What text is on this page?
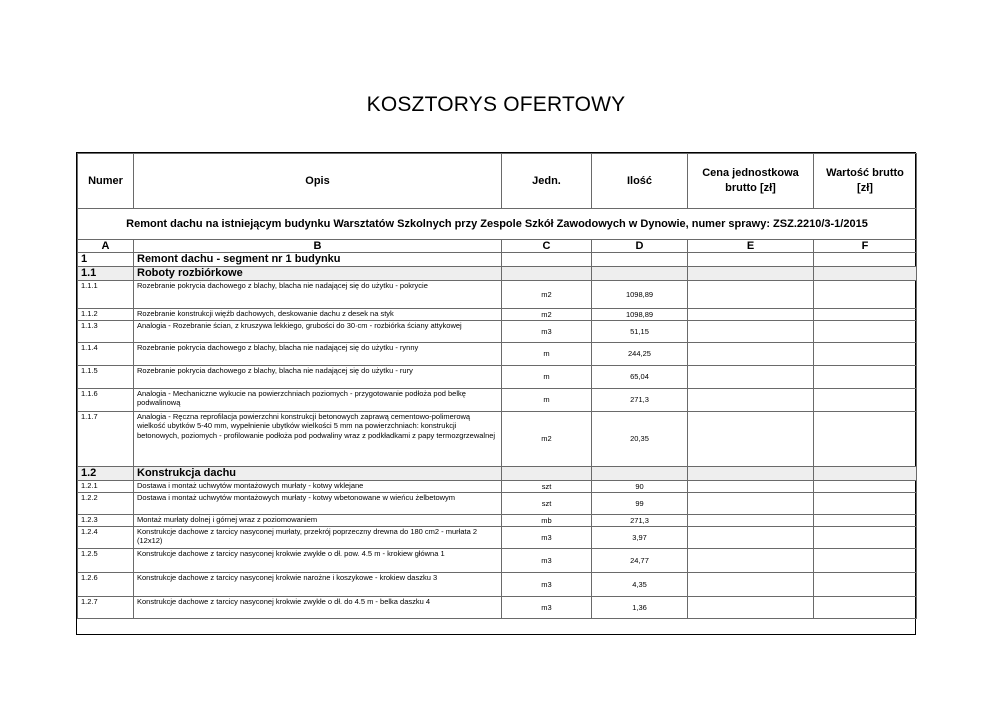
KOSZTORYS OFERTOWY
Numer	Opis	Jedn.	Ilość	Cena jednostkowa brutto [zł]	Wartość brutto [zł]
Remont dachu na istniejącym budynku Warsztatów Szkolnych przy Zespole Szkół Zawodowych w Dynowie, numer sprawy: ZSZ.2210/3-1/2015					
A	B	C	D	E	F
1	Remont dachu - segment nr 1 budynku				
1.1	Roboty rozbiórkowe				
1.1.1	Rozebranie pokrycia dachowego z blachy, blacha nie nadającej się do użytku - pokrycie	m2	1098,89		
1.1.2	Rozebranie konstrukcji więźb dachowych, deskowanie dachu z desek na styk	m2	1098,89		
1.1.3	Analogia - Rozebranie ścian, z kruszywa lekkiego, grubości do 30·cm - rozbiórka ściany attykowej	m3	51,15		
1.1.4	Rozebranie pokrycia dachowego z blachy, blacha nie nadającej się do użytku - rynny	m	244,25		
1.1.5	Rozebranie pokrycia dachowego z blachy, blacha nie nadającej się do użytku - rury	m	65,04		
1.1.6	Analogia - Mechaniczne wykucie na powierzchniach poziomych - przygotowanie podłoża pod belkę podwalinową	m	271,3		
1.1.7	Analogia - Ręczna reprofilacja powierzchni konstrukcji betonowych zaprawą cementowo-polimerową wielkość ubytków 5-40 mm, wypełnienie ubytków wielkości 5 mm na powierzchniach: konstrukcji betonowych, poziomych - profilowanie podłoża pod podwaliny wraz z podkładkami z papy termozgrzewalnej	m2	20,35		
1.2	Konstrukcja dachu				
1.2.1	Dostawa i montaż uchwytów montażowych murłaty - kotwy wklejane	szt	90		
1.2.2	Dostawa i montaż uchwytów montażowych murłaty - kotwy wbetonowane w wieńcu żelbetowym	szt	99		
1.2.3	Montaż murłaty dolnej i górnej wraz z poziomowaniem	mb	271,3		
1.2.4	Konstrukcje dachowe z tarcicy nasyconej murłaty, przekrój poprzeczny drewna do 180 cm2 - murłata 2 (12x12)	m3	3,97		
1.2.5	Konstrukcje dachowe z tarcicy nasyconej krokwie zwykłe o dł. pow. 4.5 m - krokiew główna 1	m3	24,77		
1.2.6	Konstrukcje dachowe z tarcicy nasyconej krokwie narożne i koszykowe - krokiew daszku 3	m3	4,35		
1.2.7	Konstrukcje dachowe z tarcicy nasyconej krokwie zwykłe o dł. do 4.5 m - belka daszku 4	m3	1,36		
